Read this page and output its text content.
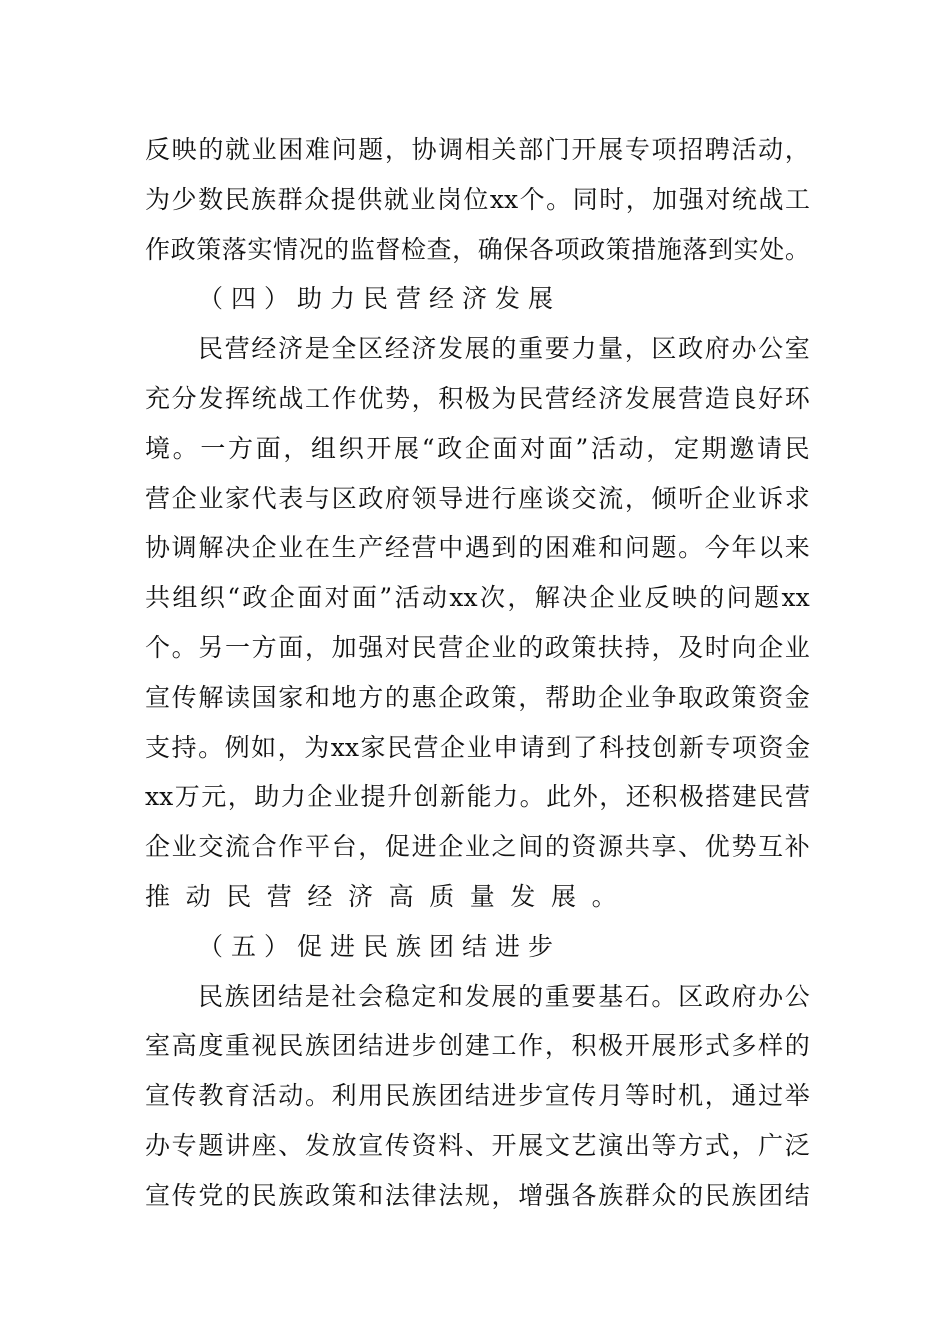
反 映 的 就 业 困 难 问 题 ， 协 调 相 关 部 门 开 展 专 项 招 聘 活 动 ，
为 少 数 民 族 群 众 提 供 就 业 岗 位 xx 个 。 同 时 ， 加 强 对 统 战 工
作 政 策 落 实 情 况 的 监 督 检 查 ， 确 保 各 项 政 策 措 施 落 到 实 处 。
（四）助力民营经济发展
民 营 经 济 是 全 区 经 济 发 展 的 重 要 力 量 ， 区 政 府 办 公 室
充 分 发 挥 统 战 工 作 优 势 ， 积 极 为 民 营 经 济 发 展 营 造 良 好 环
境 。 一 方 面 ， 组 织 开 展 “ 政 企 面 对 面 ” 活 动 ， 定 期 邀 请 民
营 企 业 家 代 表 与 区 政 府 领 导 进 行 座 谈 交 流 ， 倾 听 企 业 诉 求
协 调 解 决 企 业 在 生 产 经 营 中 遇 到 的 困 难 和 问 题 。 今 年 以 来
共 组 织 “ 政 企 面 对 面 ” 活 动 xx 次 ， 解 决 企 业 反 映 的 问 题 xx
个 。 另 一 方 面 ， 加 强 对 民 营 企 业 的 政 策 扶 持 ， 及 时 向 企 业
宣 传 解 读 国 家 和 地 方 的 惠 企 政 策 ， 帮 助 企 业 争 取 政 策 资 金
支 持 。 例 如 ， 为 xx 家 民 营 企 业 申 请 到 了 科 技 创 新 专 项 资 金
xx 万 元 ， 助 力 企 业 提 升 创 新 能 力 。 此 外 ， 还 积 极 搭 建 民 营
企 业 交 流 合 作 平 台 ， 促 进 企 业 之 间 的 资 源 共 享 、 优 势 互 补
推动民营经济高质量发展。
（五）促进民族团结进步
民 族 团 结 是 社 会 稳 定 和 发 展 的 重 要 基 石 。 区 政 府 办 公
室 高 度 重 视 民 族 团 结 进 步 创 建 工 作 ， 积 极 开 展 形 式 多 样 的
宣 传 教 育 活 动 。 利 用 民 族 团 结 进 步 宣 传 月 等 时 机 ， 通 过 举
办 专 题 讲 座 、 发 放 宣 传 资 料 、 开 展 文 艺 演 出 等 方 式 ， 广 泛
宣 传 党 的 民 族 政 策 和 法 律 法 规 ， 增 强 各 族 群 众 的 民 族 团 结
